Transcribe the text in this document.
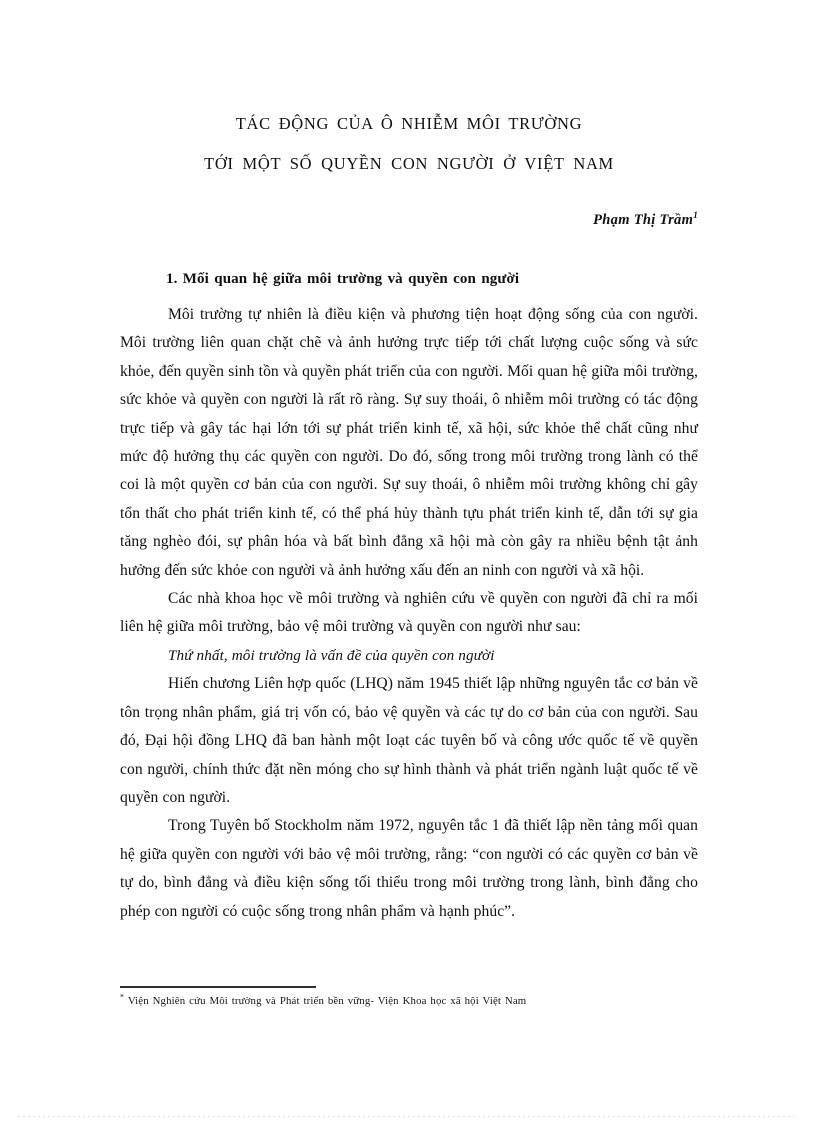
TÁC ĐỘNG CỦA Ô NHIỄM MÔI TRƯỜNG
TỚI MỘT SỐ QUYỀN CON NGƯỜI Ở VIỆT NAM
Phạm Thị Trầm$^1$
1. Mối quan hệ giữa môi trường và quyền con người

Môi trường tự nhiên là điều kiện và phương tiện hoạt động sống của con người. Môi trường liên quan chặt chẽ và ảnh hưởng trực tiếp tới chất lượng cuộc sống và sức khỏe, đến quyền sinh tồn và quyền phát triển của con người. Mối quan hệ giữa môi trường, sức khỏe và quyền con người là rất rõ ràng. Sự suy thoái, ô nhiễm môi trường có tác động trực tiếp và gây tác hại lớn tới sự phát triển kinh tế, xã hội, sức khỏe thể chất cũng như mức độ hưởng thụ các quyền con người. Do đó, sống trong môi trường trong lành có thể coi là một quyền cơ bản của con người. Sự suy thoái, ô nhiễm môi trường không chỉ gây tổn thất cho phát triển kinh tế, có thể phá hủy thành tựu phát triển kinh tế, dẫn tới sự gia tăng nghèo đói, sự phân hóa và bất bình đẳng xã hội mà còn gây ra nhiều bệnh tật ảnh hưởng đến sức khỏe con người và ảnh hưởng xấu đến an ninh con người và xã hội.

Các nhà khoa học về môi trường và nghiên cứu về quyền con người đã chỉ ra mối liên hệ giữa môi trường, bảo vệ môi trường và quyền con người như sau:

Thứ nhất, môi trường là vấn đề của quyền con người

Hiến chương Liên hợp quốc (LHQ) năm 1945 thiết lập những nguyên tắc cơ bản về tôn trọng nhân phẩm, giá trị vốn có, bảo vệ quyền và các tự do cơ bản của con người. Sau đó, Đại hội đồng LHQ đã ban hành một loạt các tuyên bố và công ước quốc tế về quyền con người, chính thức đặt nền móng cho sự hình thành và phát triển ngành luật quốc tế về quyền con người.

Trong Tuyên bố Stockholm năm 1972, nguyên tắc 1 đã thiết lập nền tảng mối quan hệ giữa quyền con người với bảo vệ môi trường, rằng: “con người có các quyền cơ bản về tự do, bình đẳng và điều kiện sống tối thiểu trong môi trường trong lành, bình đẳng cho phép con người có cuộc sống trong nhân phẩm và hạnh phúc”.

* Viện Nghiên cứu Môi trường và Phát triển bền vững- Viện Khoa học xã hội Việt Nam
